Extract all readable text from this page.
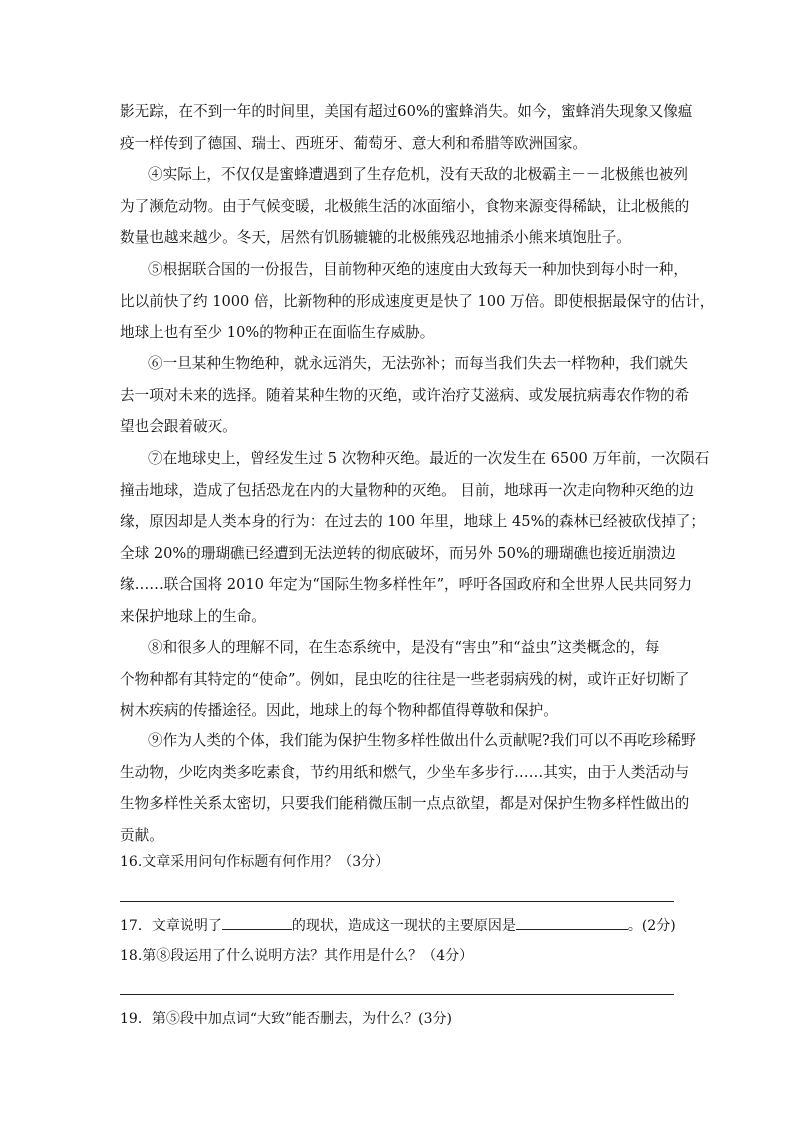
影无踪，在不到一年的时间里，美国有超过60%的蜜蜂消失。如今，蜜蜂消失现象又像瘟
疫一样传到了德国、瑞士、西班牙、葡萄牙、意大利和希腊等欧洲国家。
④实际上，不仅仅是蜜蜂遭遇到了生存危机，没有天敌的北极霸主－－北极熊也被列
为了濒危动物。由于气候变暖，北极熊生活的冰面缩小，食物来源变得稀缺，让北极熊的
数量也越来越少。冬天，居然有饥肠辘辘的北极熊残忍地捕杀小熊来填饱肚子。
⑤根据联合国的一份报告，目前物种灭绝的速度由大致每天一种加快到每小时一种，
比以前快了约 1000 倍，比新物种的形成速度更是快了 100 万倍。即使根据最保守的估计，
地球上也有至少 10%的物种正在面临生存威胁。
⑥一旦某种生物绝种，就永远消失，无法弥补；而每当我们失去一样物种，我们就失
去一项对未来的选择。随着某种生物的灭绝，或许治疗艾滋病、或发展抗病毒农作物的希
望也会跟着破灭。
⑦在地球史上，曾经发生过 5 次物种灭绝。最近的一次发生在 6500 万年前，一次陨石
撞击地球，造成了包括恐龙在内的大量物种的灭绝。 目前，地球再一次走向物种灭绝的边
缘，原因却是人类本身的行为：在过去的 100 年里，地球上 45%的森林已经被砍伐掉了；
全球 20%的珊瑚礁已经遭到无法逆转的彻底破坏，而另外 50%的珊瑚礁也接近崩溃边
缘……联合国将 2010 年定为“国际生物多样性年”，呼吁各国政府和全世界人民共同努力
来保护地球上的生命。
⑧和很多人的理解不同，在生态系统中，是没有“害虫”和“益虫”这类概念的，每
个物种都有其特定的“使命”。例如，昆虫吃的往往是一些老弱病残的树，或许正好切断了
树木疾病的传播途径。因此，地球上的每个物种都值得尊敬和保护。
⑨作为人类的个体，我们能为保护生物多样性做出什么贡献呢?我们可以不再吃珍稀野
生动物，少吃肉类多吃素食，节约用纸和燃气，少坐车多步行……其实，由于人类活动与
生物多样性关系太密切，只要我们能稍微压制一点点欲望，都是对保护生物多样性做出的
贡献。
16.文章采用问句作标题有何作用？（3分）
17．文章说明了	的现状，造成这一现状的主要原因是	。(2分)
18.第⑧段运用了什么说明方法？其作用是什么？（4分）
19．第⑤段中加点词“大致”能否删去，为什么？(3分)
